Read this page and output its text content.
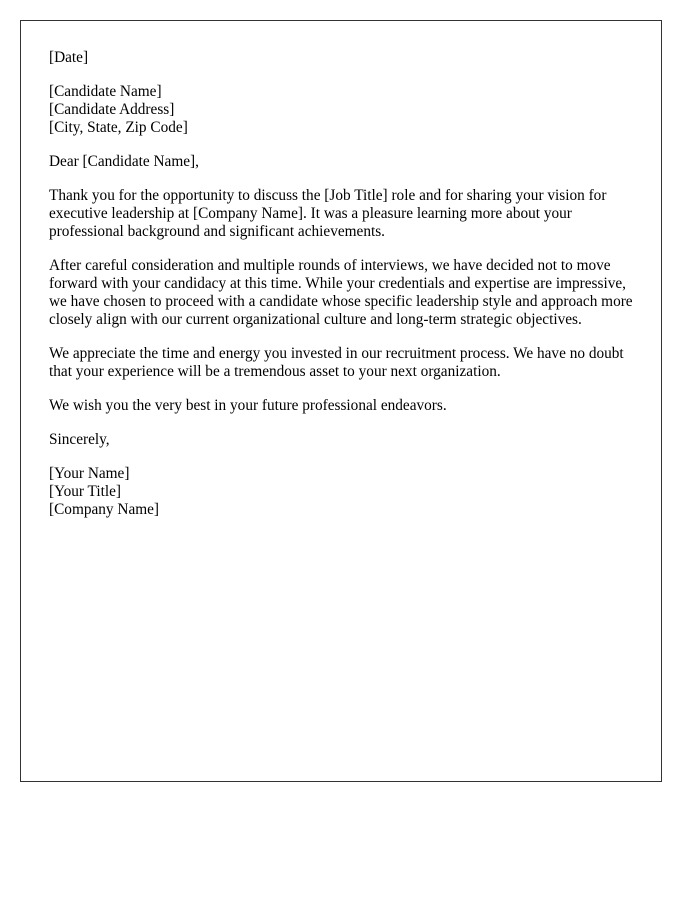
[Date]

[Candidate Name]
[Candidate Address]
[City, State, Zip Code]

Dear [Candidate Name],

Thank you for the opportunity to discuss the [Job Title] role and for sharing your vision for executive leadership at [Company Name]. It was a pleasure learning more about your professional background and significant achievements.

After careful consideration and multiple rounds of interviews, we have decided not to move forward with your candidacy at this time. While your credentials and expertise are impressive, we have chosen to proceed with a candidate whose specific leadership style and approach more closely align with our current organizational culture and long-term strategic objectives.

We appreciate the time and energy you invested in our recruitment process. We have no doubt that your experience will be a tremendous asset to your next organization.

We wish you the very best in your future professional endeavors.

Sincerely,

[Your Name]
[Your Title]
[Company Name]
